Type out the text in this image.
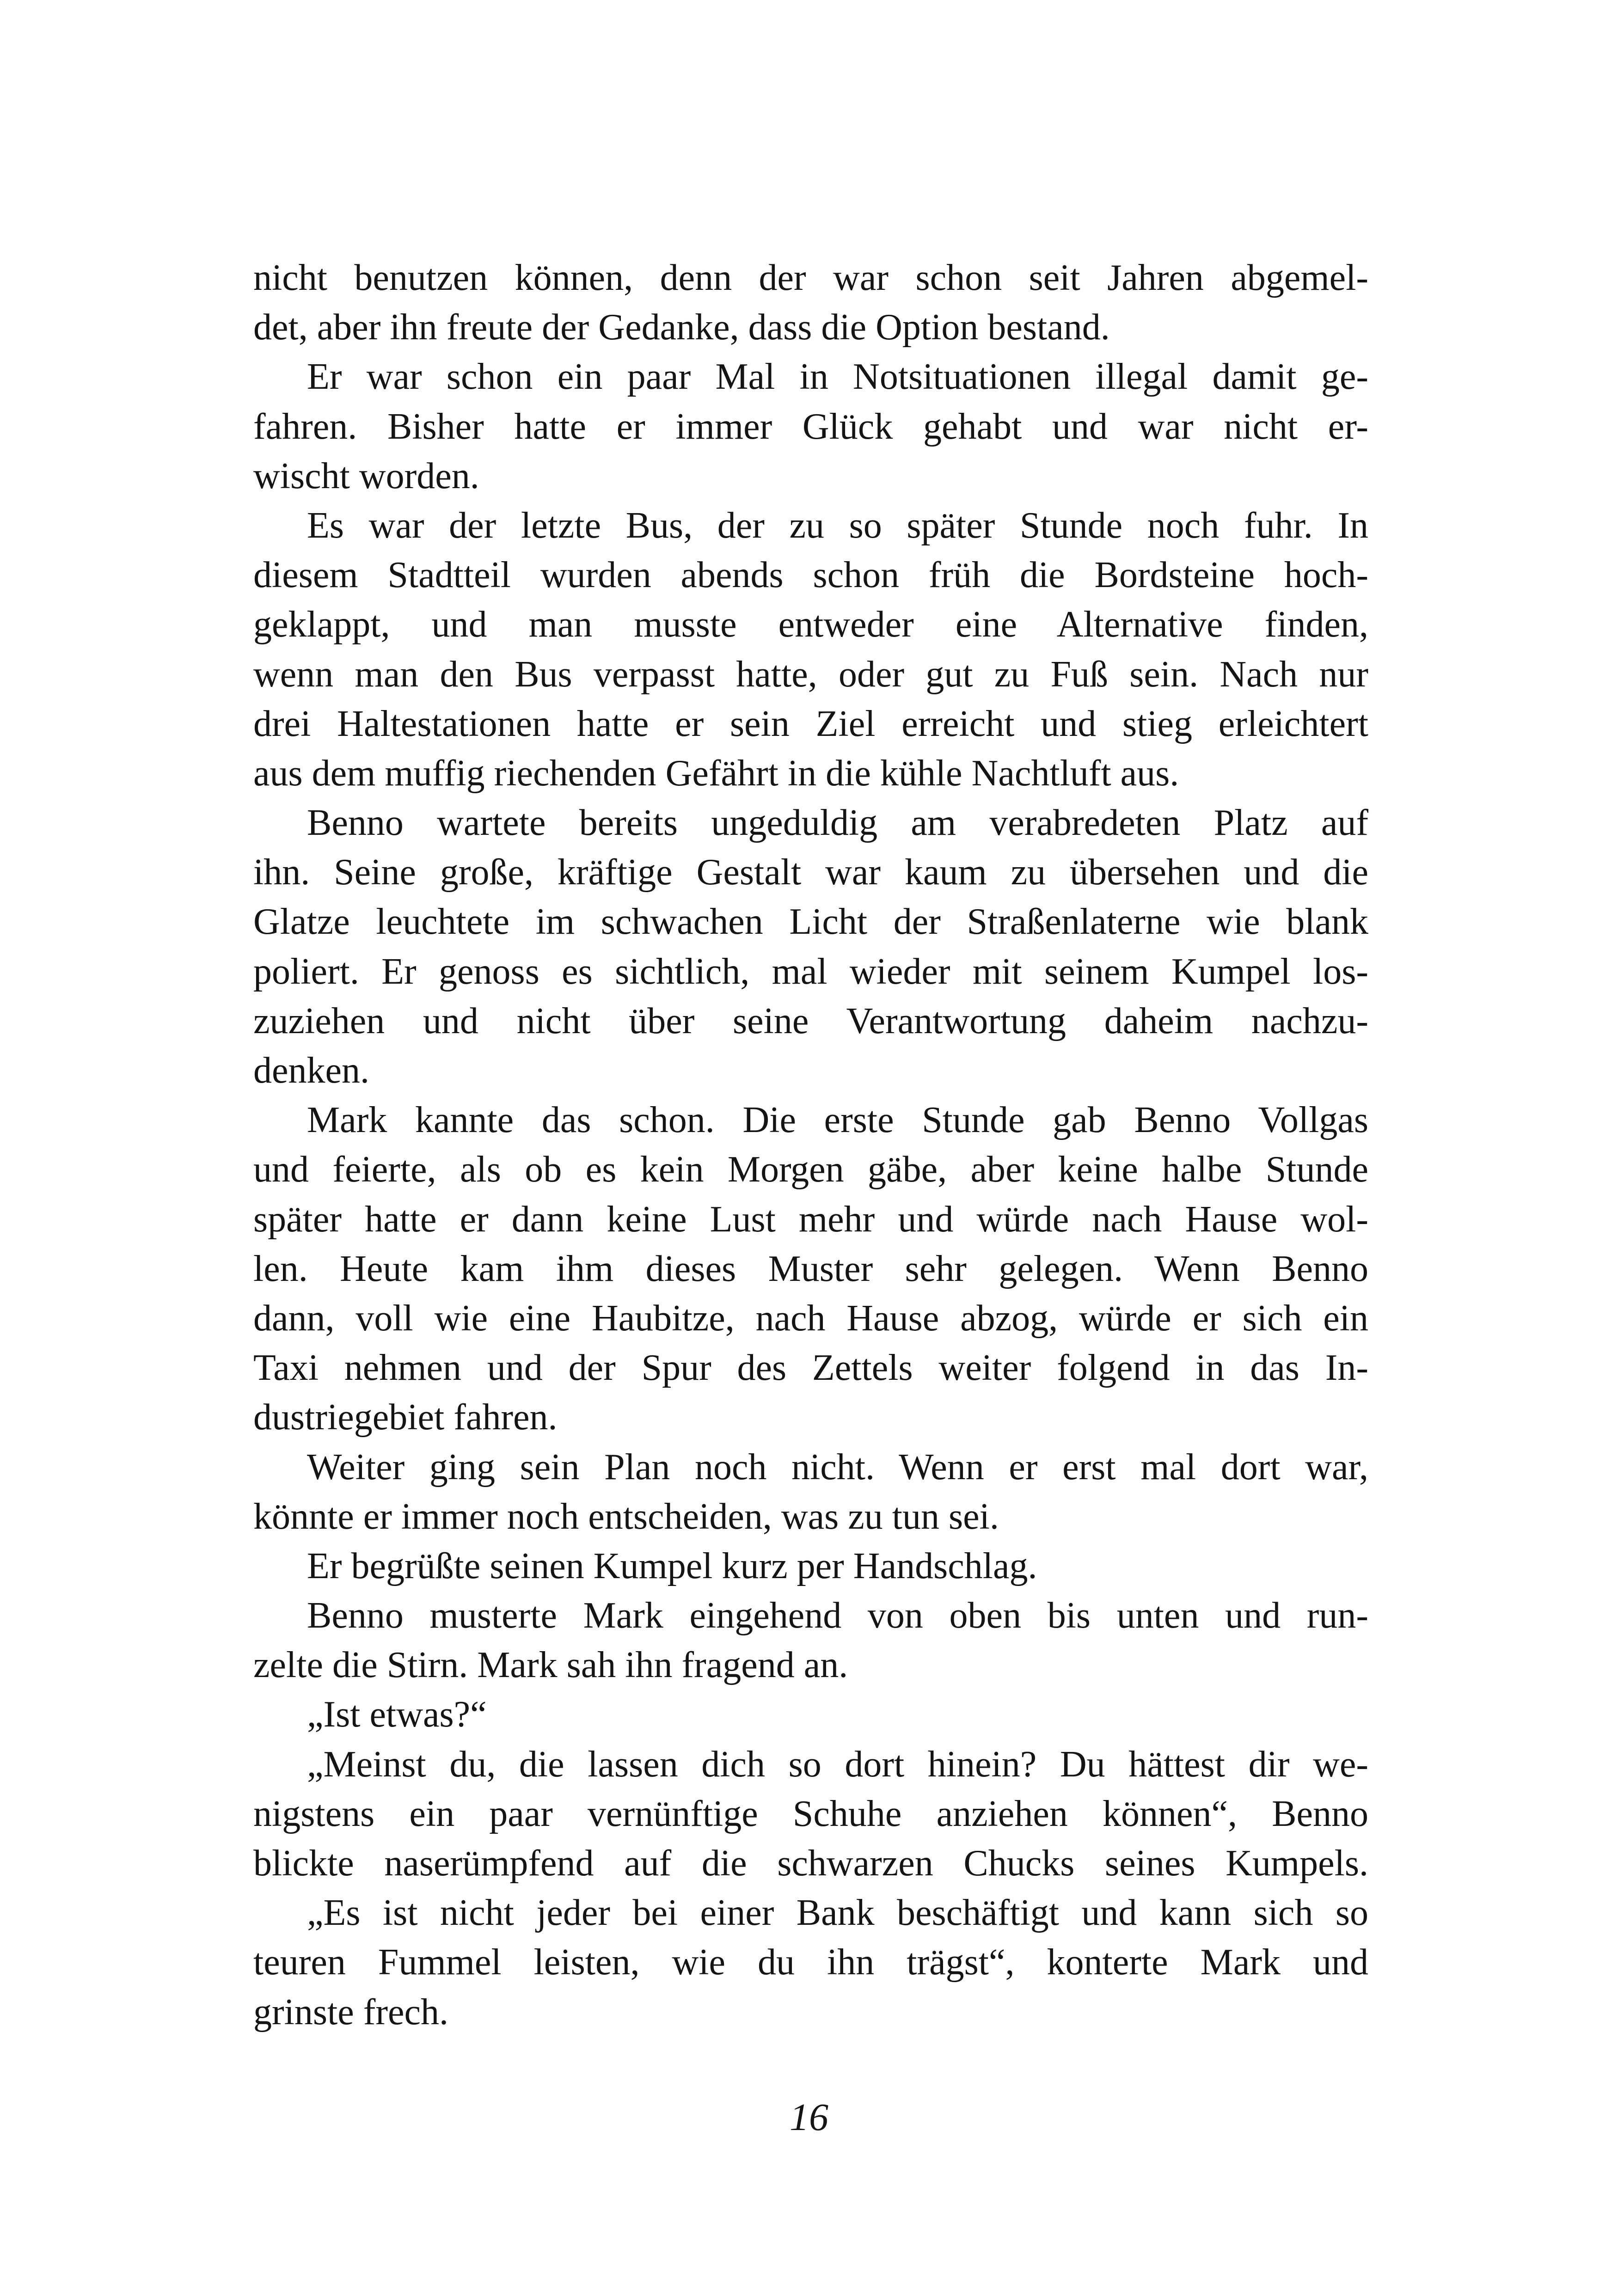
nicht benutzen können, denn der war schon seit Jahren abgemel-
det, aber ihn freute der Gedanke, dass die Option bestand.
Er war schon ein paar Mal in Notsituationen illegal damit ge-
fahren. Bisher hatte er immer Glück gehabt und war nicht er-
wischt worden.
Es war der letzte Bus, der zu so später Stunde noch fuhr. In
diesem Stadtteil wurden abends schon früh die Bordsteine hoch-
geklappt, und man musste entweder eine Alternative finden,
wenn man den Bus verpasst hatte, oder gut zu Fuß sein. Nach nur
drei Haltestationen hatte er sein Ziel erreicht und stieg erleichtert
aus dem muffig riechenden Gefährt in die kühle Nachtluft aus.
Benno wartete bereits ungeduldig am verabredeten Platz auf
ihn. Seine große, kräftige Gestalt war kaum zu übersehen und die
Glatze leuchtete im schwachen Licht der Straßenlaterne wie blank
poliert. Er genoss es sichtlich, mal wieder mit seinem Kumpel los-
zuziehen und nicht über seine Verantwortung daheim nachzu-
denken.
Mark kannte das schon. Die erste Stunde gab Benno Vollgas
und feierte, als ob es kein Morgen gäbe, aber keine halbe Stunde
später hatte er dann keine Lust mehr und würde nach Hause wol-
len. Heute kam ihm dieses Muster sehr gelegen. Wenn Benno
dann, voll wie eine Haubitze, nach Hause abzog, würde er sich ein
Taxi nehmen und der Spur des Zettels weiter folgend in das In-
dustriegebiet fahren.
Weiter ging sein Plan noch nicht. Wenn er erst mal dort war,
könnte er immer noch entscheiden, was zu tun sei.
Er begrüßte seinen Kumpel kurz per Handschlag.
Benno musterte Mark eingehend von oben bis unten und run-
zelte die Stirn. Mark sah ihn fragend an.
„Ist etwas?“
„Meinst du, die lassen dich so dort hinein? Du hättest dir we-
nigstens ein paar vernünftige Schuhe anziehen können“, Benno
blickte naserümpfend auf die schwarzen Chucks seines Kumpels.
„Es ist nicht jeder bei einer Bank beschäftigt und kann sich so
teuren Fummel leisten, wie du ihn trägst“, konterte Mark und
grinste frech.
16
